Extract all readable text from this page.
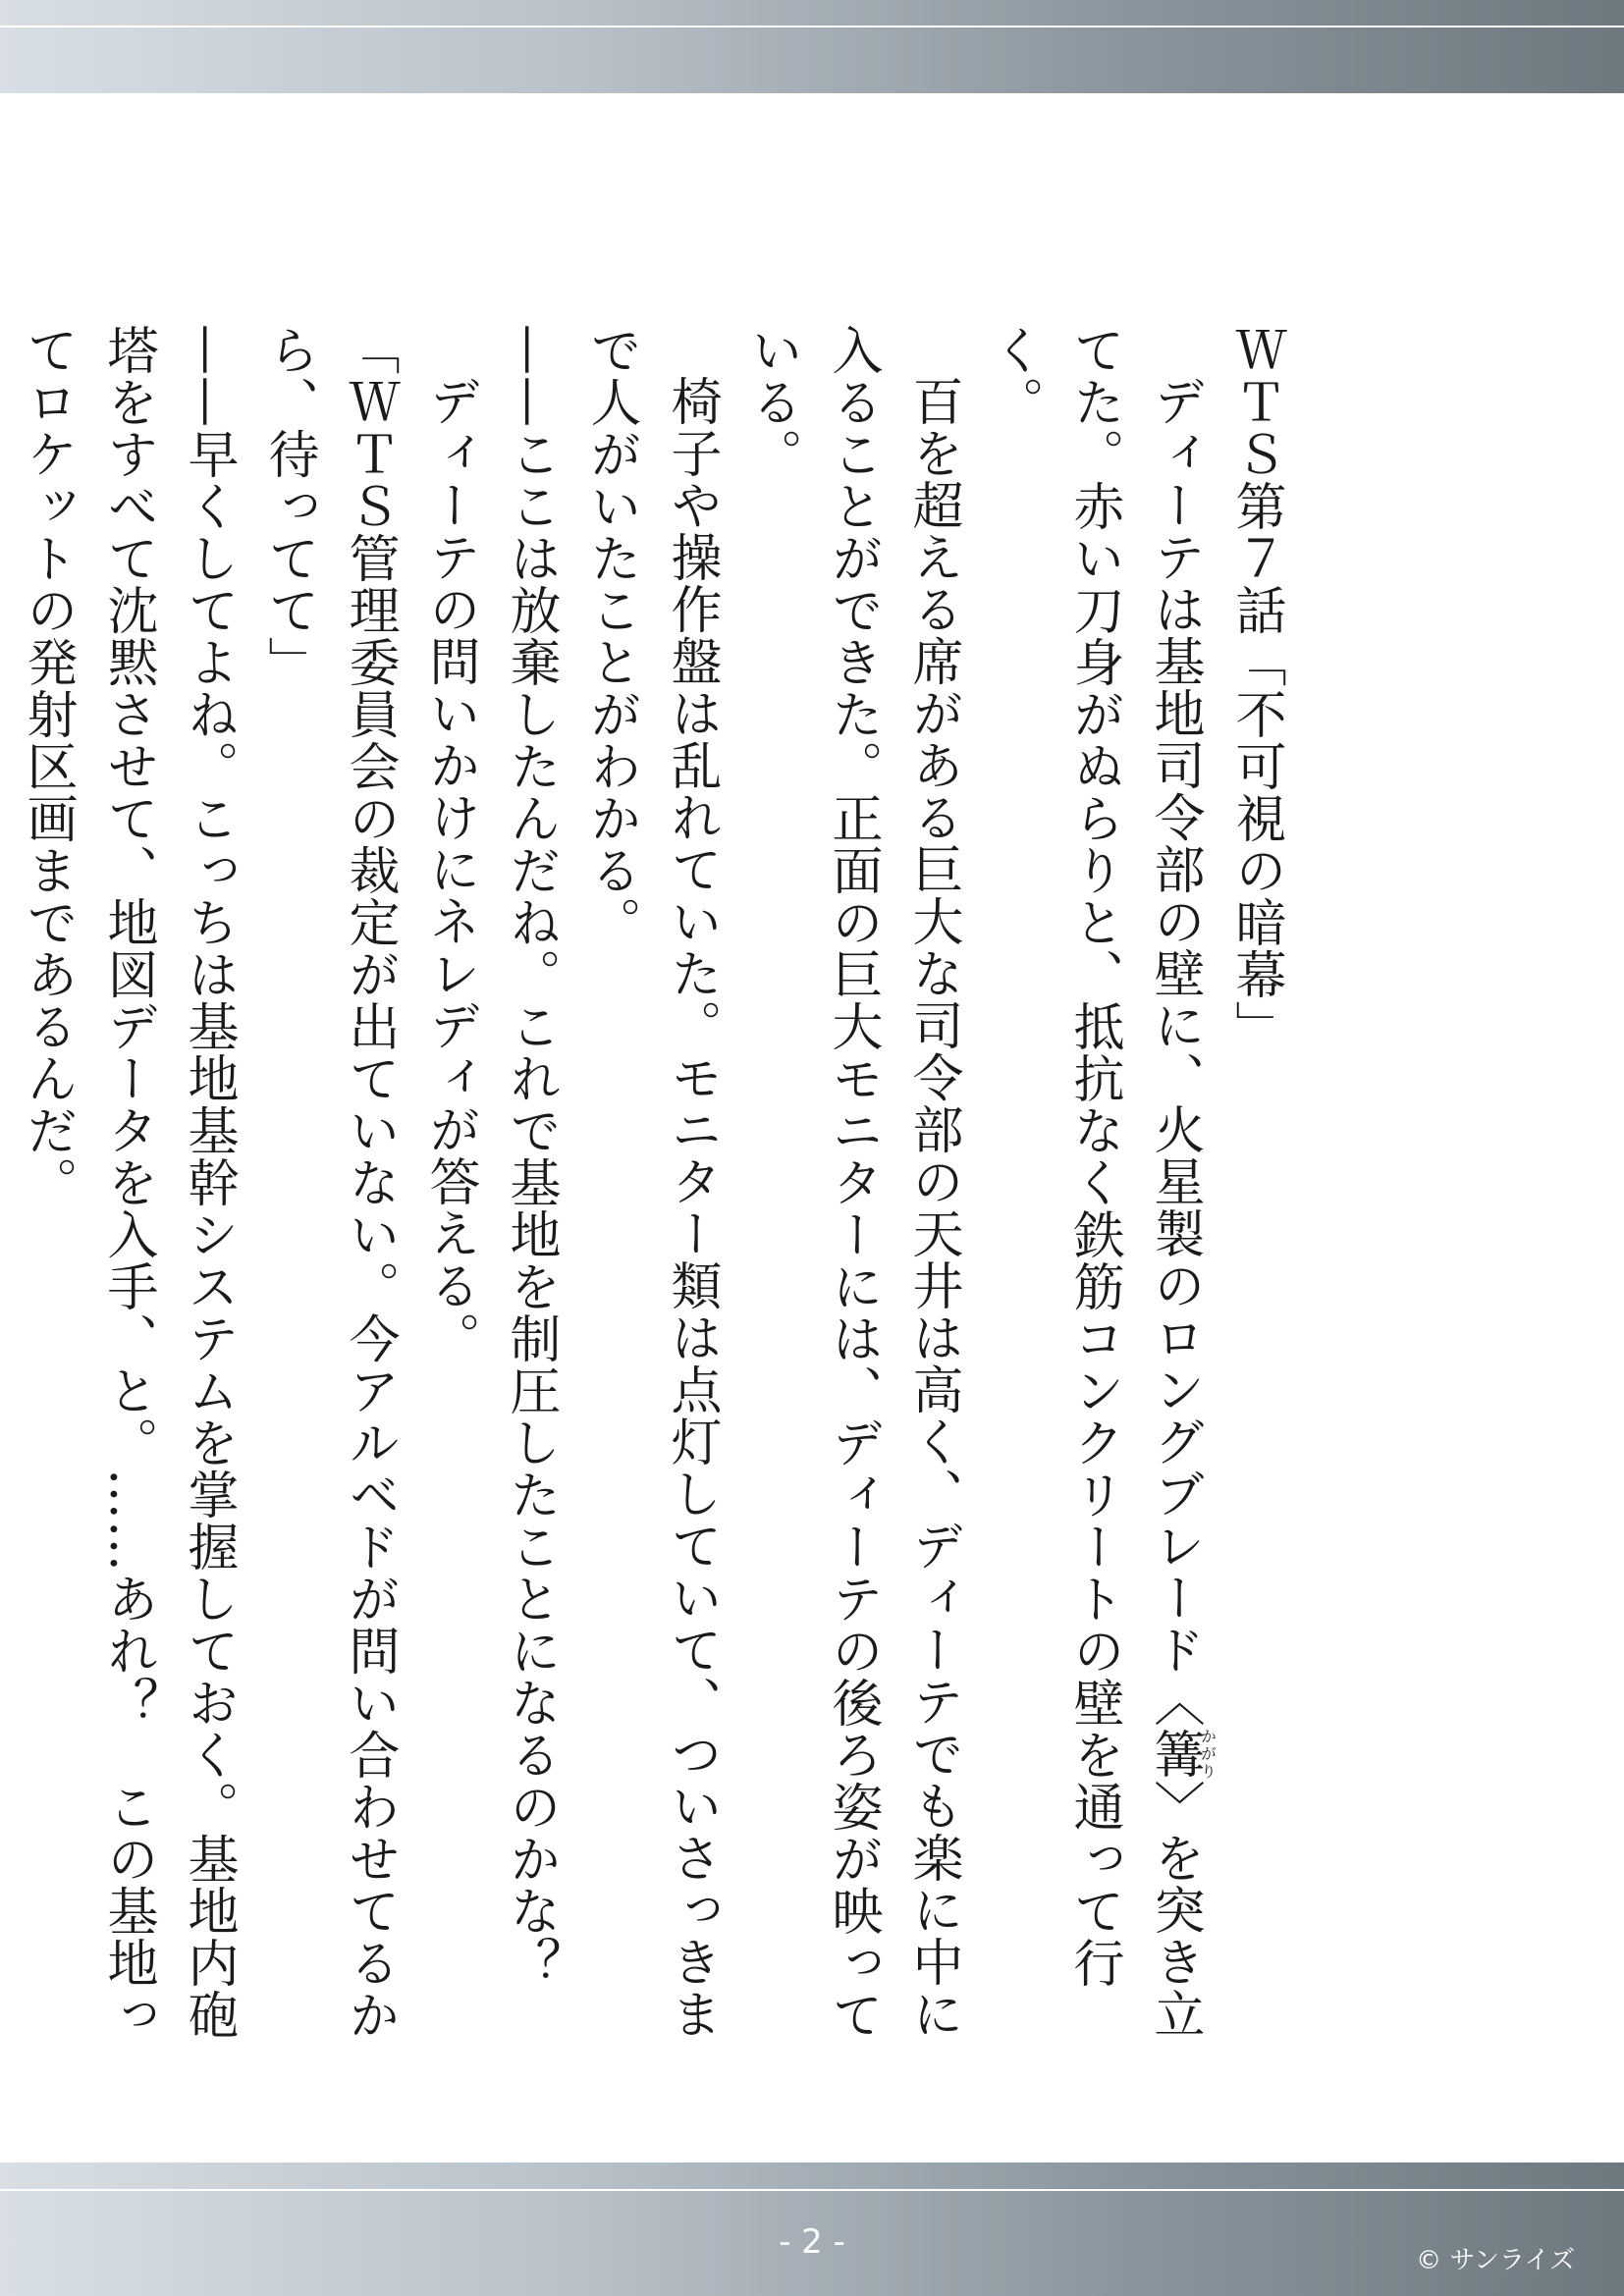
ＷＴＳ第７話「不可視の暗幕」

ディーテは基地司令部の壁に、火星製のロングブレード〈篝かがり〉を突き立てた。赤い刀身がぬらりと、抵抗なく鉄筋コンクリートの壁を通って行く。

百を超える席がある巨大な司令部の天井は高く、ディーテでも楽に中に入ることができた。正面の巨大モニターには、ディーテの後ろ姿が映っている。

椅子や操作盤は乱れていた。モニター類は点灯していて、ついさっきまで人がいたことがわかる。

——ここは放棄したんだね。これで基地を制圧したことになるのかな？

ディーテの問いかけにネレディが答える。

「ＷＴＳ管理委員会の裁定が出ていない。今アルベドが問い合わせてるから、待ってて」

——早くしてよね。こっちは基地基幹システムを掌握しておく。基地内砲塔をすべて沈黙させて、地図データを入手、と。……あれ？　この基地ってロケットの発射区画まであるんだ。

- 2 -	© サンライズ
